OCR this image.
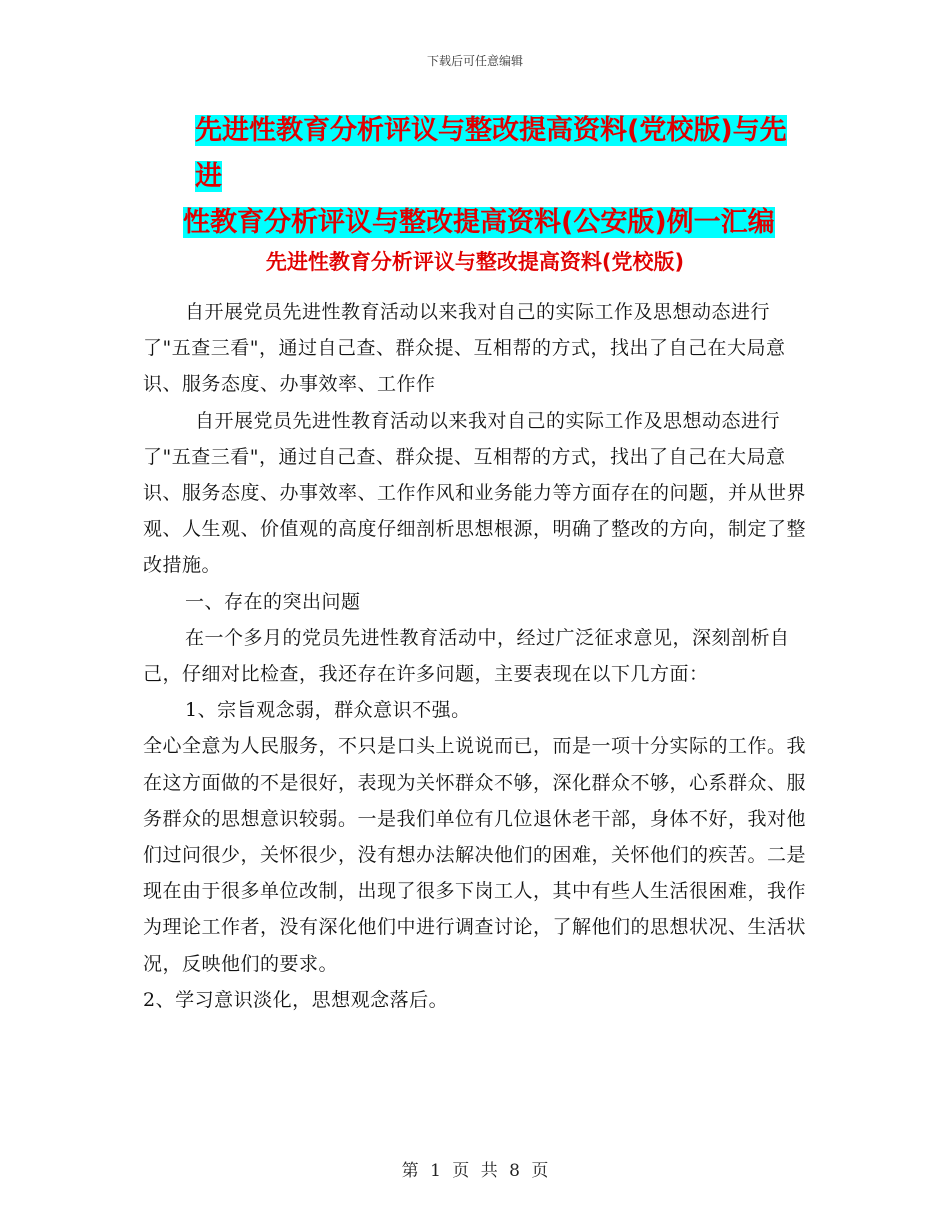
下载后可任意编辑
先进性教育分析评议与整改提高资料(党校版)与先进
性教育分析评议与整改提高资料(公安版)例一汇编
先进性教育分析评议与整改提高资料(党校版)

自开展党员先进性教育活动以来我对自己的实际工作及思想动态进行了"五查三看"，通过自己查、群众提、互相帮的方式，找出了自己在大局意识、服务态度、办事效率、工作作

自开展党员先进性教育活动以来我对自己的实际工作及思想动态进行了"五查三看"，通过自己查、群众提、互相帮的方式，找出了自己在大局意识、服务态度、办事效率、工作作风和业务能力等方面存在的问题，并从世界观、人生观、价值观的高度仔细剖析思想根源，明确了整改的方向，制定了整改措施。

一、存在的突出问题

在一个多月的党员先进性教育活动中，经过广泛征求意见，深刻剖析自己，仔细对比检查，我还存在许多问题，主要表现在以下几方面：

1、宗旨观念弱，群众意识不强。

全心全意为人民服务，不只是口头上说说而已，而是一项十分实际的工作。我在这方面做的不是很好，表现为关怀群众不够，深化群众不够，心系群众、服务群众的思想意识较弱。一是我们单位有几位退休老干部，身体不好，我对他们过问很少，关怀很少，没有想办法解决他们的困难，关怀他们的疾苦。二是现在由于很多单位改制，出现了很多下岗工人，其中有些人生活很困难，我作为理论工作者，没有深化他们中进行调查讨论，了解他们的思想状况、生活状况，反映他们的要求。

2、学习意识淡化，思想观念落后。

第 1 页 共 8 页
